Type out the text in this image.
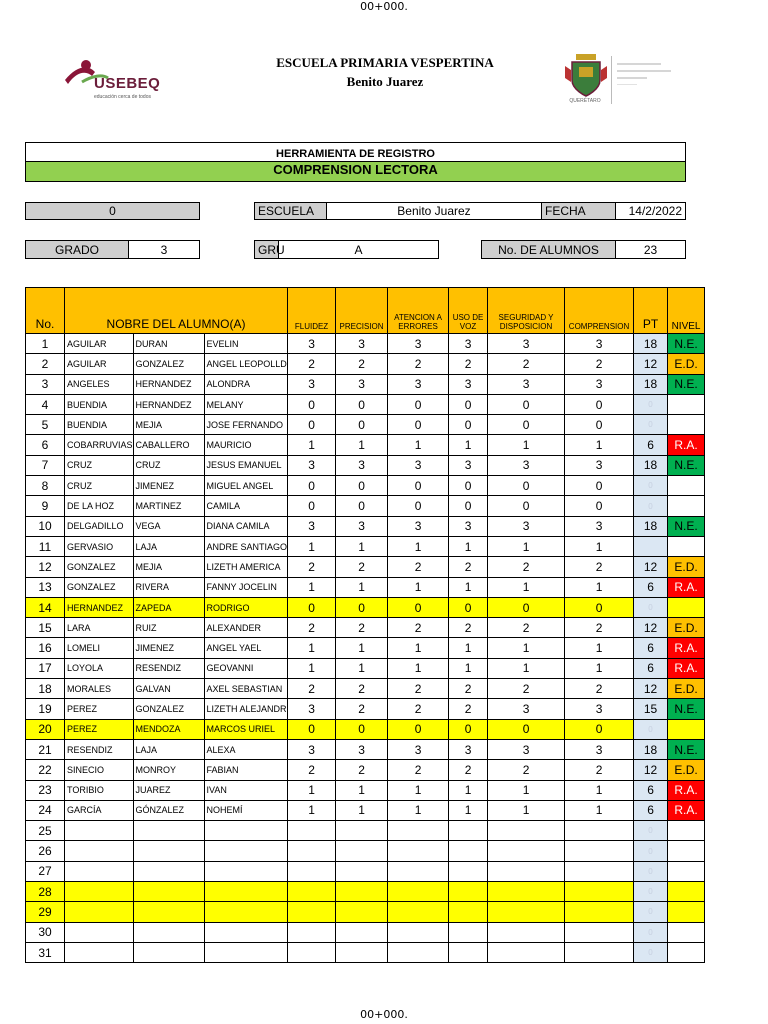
00+000.
USEBEQ
educación cerca de todos
ESCUELA PRIMARIA VESPERTINA
Benito Juarez
QUERÉTARO
HERRAMIENTA DE REGISTRO
COMPRENSION LECTORA
0	ESCUELA	Benito Juarez	FECHA	14/2/2022
GRADO	3	GRU	A	No. DE ALUMNOS	23
No.	NOBRE DEL ALUMNO(A)			FLUIDEZ	PRECISION	ATENCION A ERRORES	USO DE VOZ	SEGURIDAD Y DISPOSICION	COMPRENSION	PT	NIVEL
1	AGUILAR	DURAN	EVELIN	3	3	3	3	3	3	18	N.E.
2	AGUILAR	GONZALEZ	ANGEL LEOPOLLD	2	2	2	2	2	2	12	E.D.
3	ANGELES	HERNANDEZ	ALONDRA	3	3	3	3	3	3	18	N.E.
4	BUENDIA	HERNANDEZ	MELANY	0	0	0	0	0	0	0	
5	BUENDIA	MEJIA	JOSE FERNANDO	0	0	0	0	0	0	0	
6	COBARRUVIAS	CABALLERO	MAURICIO	1	1	1	1	1	1	6	R.A.
7	CRUZ	CRUZ	JESUS EMANUEL	3	3	3	3	3	3	18	N.E.
8	CRUZ	JIMENEZ	MIGUEL ANGEL	0	0	0	0	0	0	0	
9	DE LA HOZ	MARTINEZ	CAMILA	0	0	0	0	0	0	0	
10	DELGADILLO	VEGA	DIANA CAMILA	3	3	3	3	3	3	18	N.E.
11	GERVASIO	LAJA	ANDRE SANTIAGO	1	1	1	1	1	1		
12	GONZALEZ	MEJIA	LIZETH AMERICA	2	2	2	2	2	2	12	E.D.
13	GONZALEZ	RIVERA	FANNY JOCELIN	1	1	1	1	1	1	6	R.A.
14	HERNANDEZ	ZAPEDA	RODRIGO	0	0	0	0	0	0	0	
15	LARA	RUIZ	ALEXANDER	2	2	2	2	2	2	12	E.D.
16	LOMELI	JIMENEZ	ANGEL YAEL	1	1	1	1	1	1	6	R.A.
17	LOYOLA	RESENDIZ	GEOVANNI	1	1	1	1	1	1	6	R.A.
18	MORALES	GALVAN	AXEL SEBASTIAN	2	2	2	2	2	2	12	E.D.
19	PEREZ	GONZALEZ	LIZETH ALEJANDR	3	2	2	2	3	3	15	N.E.
20	PEREZ	MENDOZA	MARCOS URIEL	0	0	0	0	0	0	0	
21	RESENDIZ	LAJA	ALEXA	3	3	3	3	3	3	18	N.E.
22	SINECIO	MONROY	FABIAN	2	2	2	2	2	2	12	E.D.
23	TORIBIO	JUAREZ	IVAN	1	1	1	1	1	1	6	R.A.
24	GARCÍA	GÓNZALEZ	NOHEMÍ	1	1	1	1	1	1	6	R.A.
25										0	
26										0	
27										0	
28										0	
29										0	
30										0	
31										0	
00+000.
